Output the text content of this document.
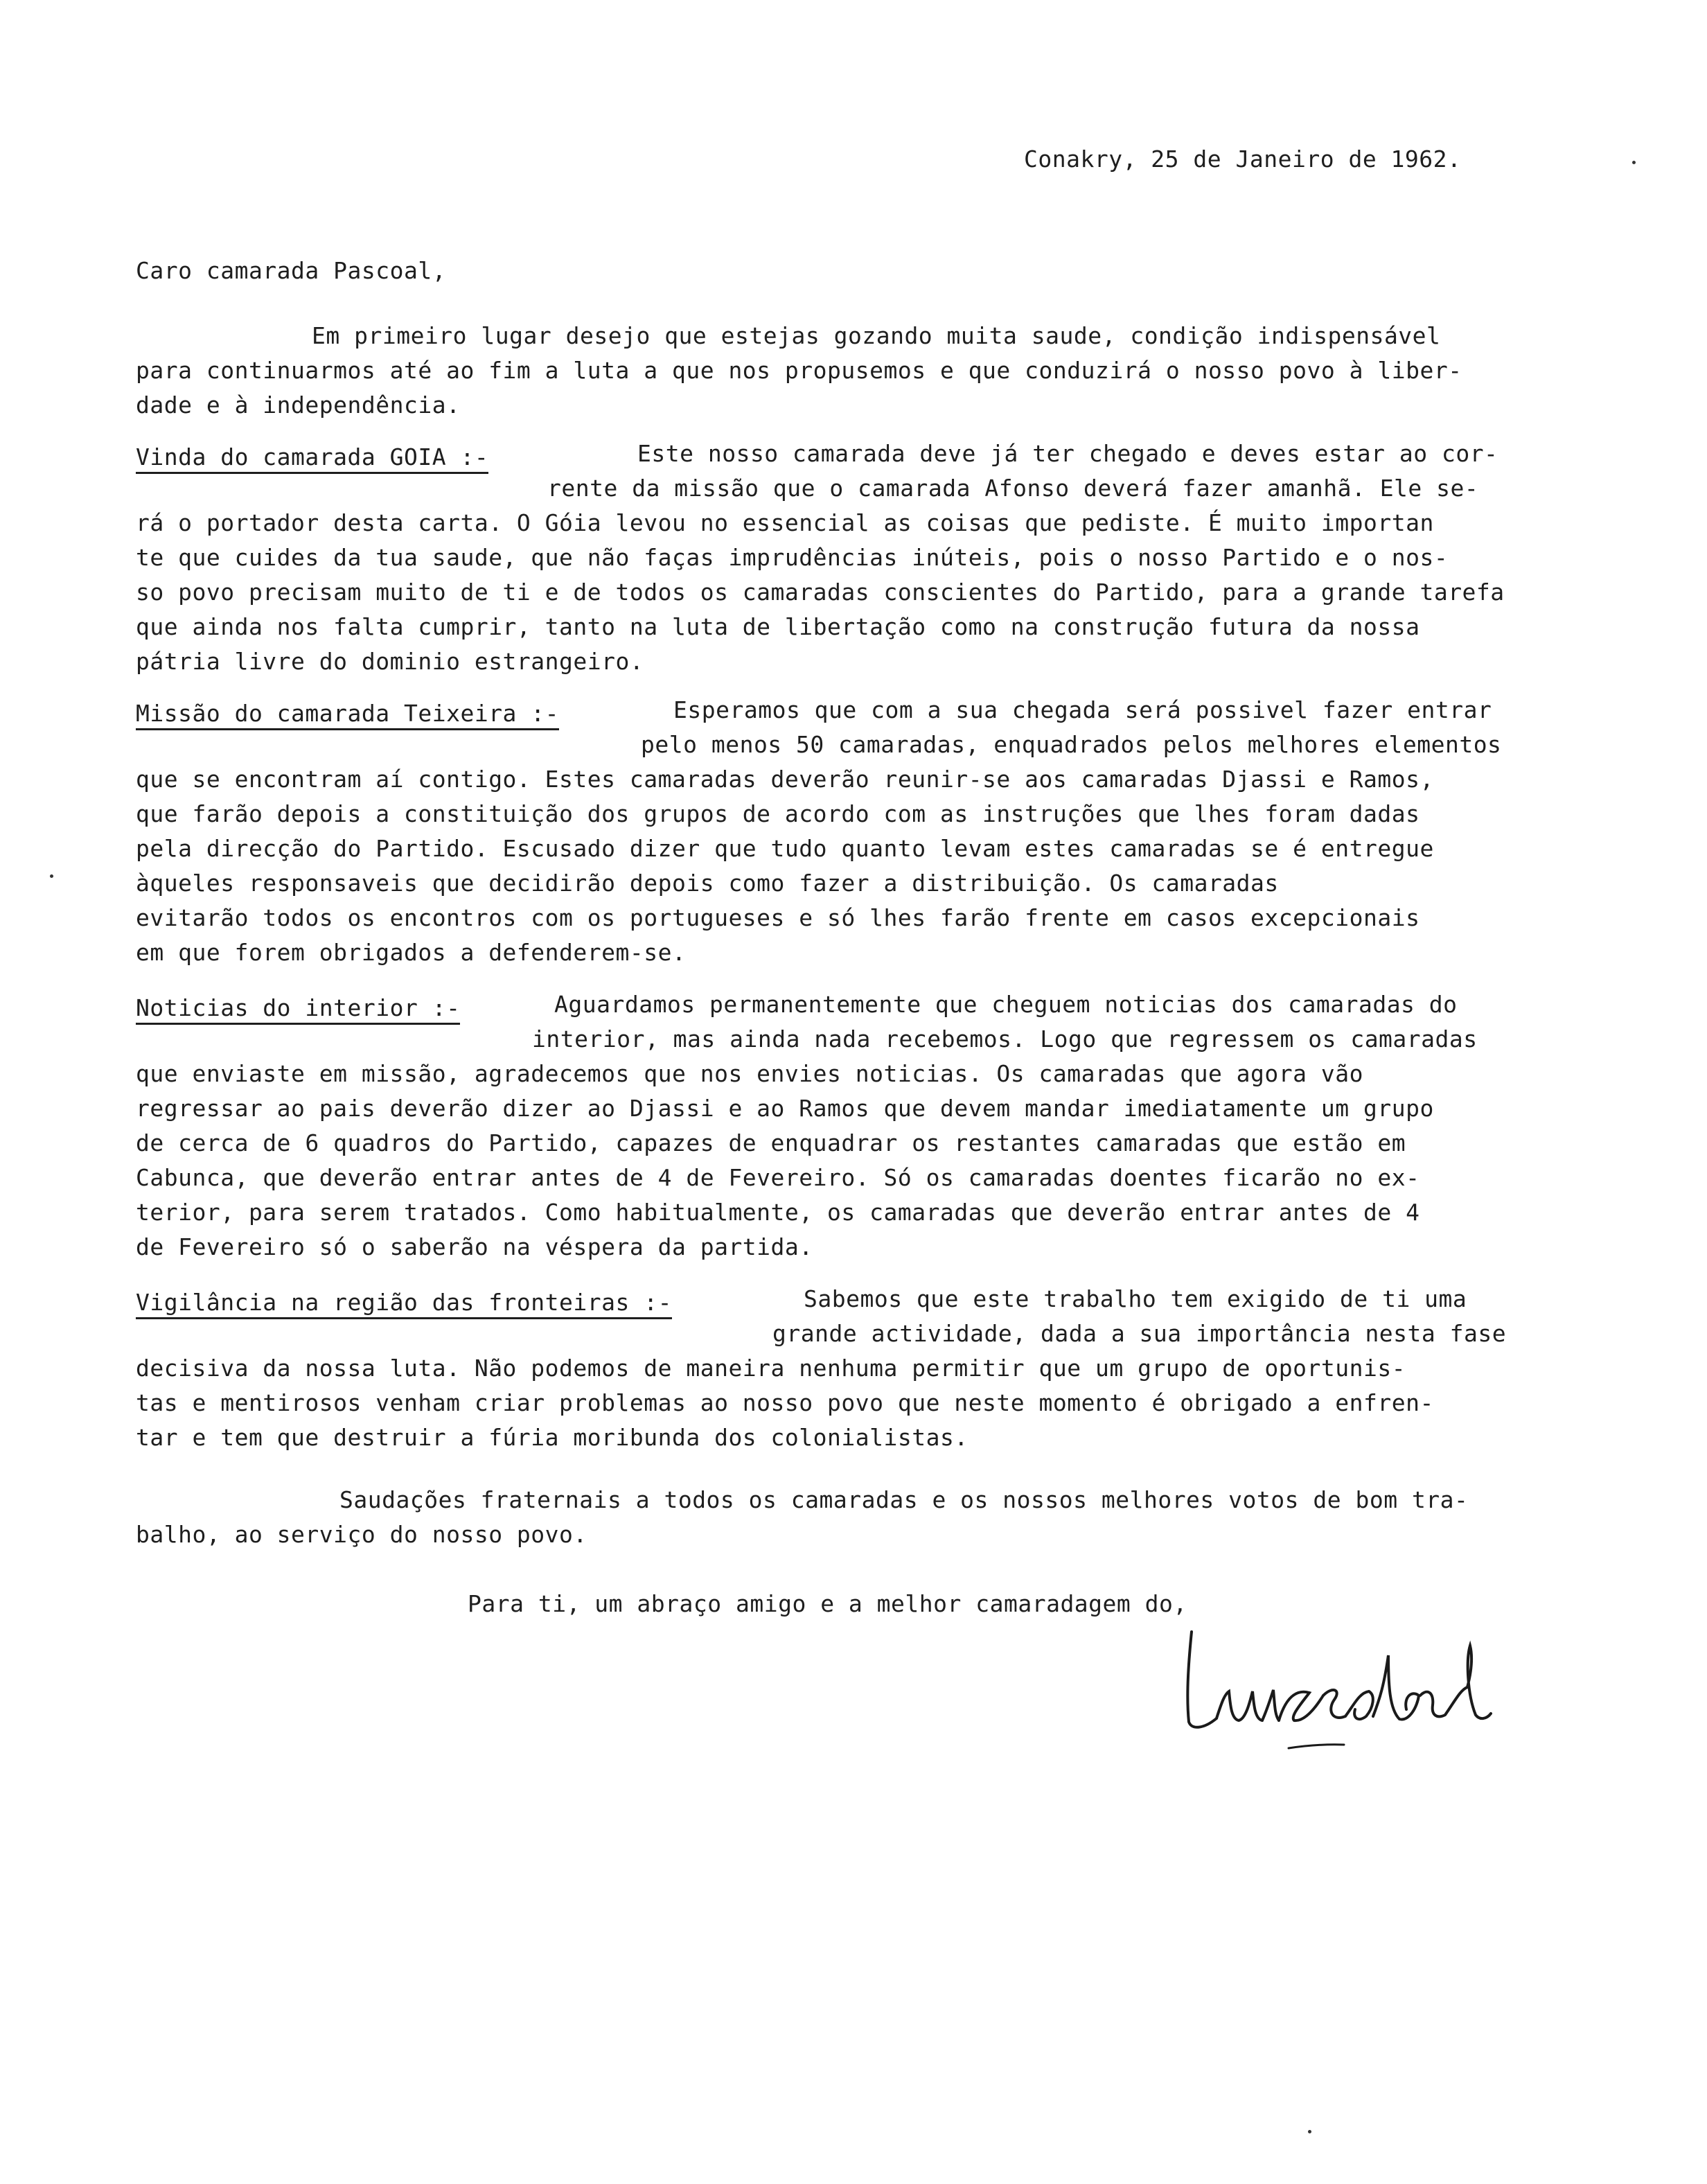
Conakry, 25 de Janeiro de 1962.
Caro camarada Pascoal,
Em primeiro lugar desejo que estejas gozando muita saude, condição indispensável
para continuarmos até ao fim a luta a que nos propusemos e que conduzirá o nosso povo à liber-
dade e à independência.
Vinda do camarada GOIA :-	Este nosso camarada deve já ter chegado e deves estar ao cor-
rente da missão que o camarada Afonso deverá fazer amanhã. Ele se-
rá o portador desta carta. O Góia levou no essencial as coisas que pediste. É muito importan
te que cuides da tua saude, que não faças imprudências inúteis, pois o nosso Partido e o nos-
so povo precisam muito de ti e de todos os camaradas conscientes do Partido, para a grande tarefa
que ainda nos falta cumprir, tanto na luta de libertação como na construção futura da nossa
pátria livre do dominio estrangeiro.
Missão do camarada Teixeira :-	Esperamos que com a sua chegada será possivel fazer entrar
pelo menos 50 camaradas, enquadrados pelos melhores elementos
que se encontram aí contigo. Estes camaradas deverão reunir-se aos camaradas Djassi e Ramos,
que farão depois a constituição dos grupos de acordo com as instruções que lhes foram dadas
pela direcção do Partido. Escusado dizer que tudo quanto levam estes camaradas se é entregue
àqueles responsaveis que decidirão depois como fazer a distribuição. Os camaradas
evitarão todos os encontros com os portugueses e só lhes farão frente em casos excepcionais
em que forem obrigados a defenderem-se.
Noticias do interior :-	Aguardamos permanentemente que cheguem noticias dos camaradas do
interior, mas ainda nada recebemos. Logo que regressem os camaradas
que enviaste em missão, agradecemos que nos envies noticias. Os camaradas que agora vão
regressar ao pais deverão dizer ao Djassi e ao Ramos que devem mandar imediatamente um grupo
de cerca de 6 quadros do Partido, capazes de enquadrar os restantes camaradas que estão em
Cabunca, que deverão entrar antes de 4 de Fevereiro. Só os camaradas doentes ficarão no ex-
terior, para serem tratados. Como habitualmente, os camaradas que deverão entrar antes de 4
de Fevereiro só o saberão na véspera da partida.
Vigilância na região das fronteiras :-	Sabemos que este trabalho tem exigido de ti uma
grande actividade, dada a sua importância nesta fase
decisiva da nossa luta. Não podemos de maneira nenhuma permitir que um grupo de oportunis-
tas e mentirosos venham criar problemas ao nosso povo que neste momento é obrigado a enfren-
tar e tem que destruir a fúria moribunda dos colonialistas.
Saudações fraternais a todos os camaradas e os nossos melhores votos de bom tra-
balho, ao serviço do nosso povo.
Para ti, um abraço amigo e a melhor camaradagem do,
